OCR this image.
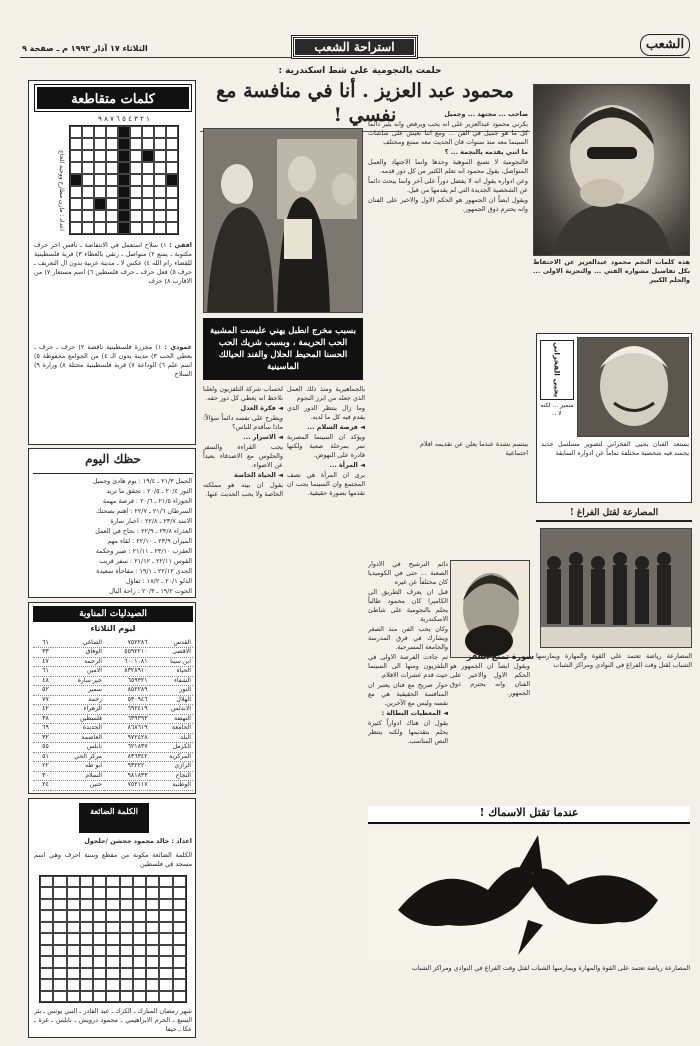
الشعب
الثلاثاء ١٧ آذار ١٩٩٢ م ـ صفحة ٩	استراحة الشعب
حلمت بالنجومية على شط اسكندرية :
محمود عبد العزيز . أنا في منافسة مع نفسي !
هذه كلمات النجم محمود عبدالعزيز عن الاحتفاظ بكل تفاصيل مشواره الفني ... والتجربة الاولى ... والحلم الكبير
بسبب مخرج انطبل يهني عليست المشبية الحب الحريمة ، وبسبب شريك الحب الحسنا المحيط الحلال والفند الحيالك الماسينية

صاحب ... مجتهد ... وجميل

بكرني محمود عبدالعزيز على انه يحب ويرفض وانه يثير دائماً كل ما هو جميل في الفن ... ومع اننا نعيش على شاشات السينما معه منذ سنوات فان الحديث معه ممتع ومختلف

ما انني يقدمه بالنجمة ... ؟

فالنجومية لا تصنع الموهبة وحدها وانما الاجتهاد والعمل المتواصل، يقول محمود انه تعلم الكثير من كل دور قدمه.

وعن ادواره يقول انه لا يفضل دوراً على آخر وانما يبحث دائماً عن الشخصية الجديدة التي لم يقدمها من قبل.

ويقول ايضاً ان الجمهور هو الحكم الاول والاخير على الفنان وانه يحترم ذوق الجمهور.

يبتسم بشدة عندما يعلن عن تقديمه افلام اجتماعية

لحساب شركة التلفزيون ولعلنا نلاحظ انه يعطي كل دور حقه.

◄ فكرة العدل

ويطرح على نفسه دائماً سؤالاً: ماذا سأقدم للناس؟

◄ الاسرار ...

يحب القراءة والسفر والجلوس مع الاصدقاء بعيداً عن الاضواء.

◄ الحياة الخاصة

يقول ان بيته هو مملكته الخاصة ولا يحب الحديث عنها.

بالجماهيرية ومنذ ذلك العمل الذي جعله من ابرز النجوم

وما زال ينتظر الدور الذي يقدم فيه كل ما لديه.

◄ فرصة السلام ...

ويؤكد ان السينما المصرية تمر بمرحلة صعبة ولكنها قادرة على النهوض.

◄ المرأة ...

يرى ان المرأة هي نصف المجتمع وان السينما يجب ان تقدمها بصورة حقيقية.

دائم الترشيح في الادوار الصعبة ... حتى في الكوميديا كان مختلفاً عن غيره

قبل ان يعرف الطريق الى الكاميرا كان محمود طالباً يحلم بالنجومية على شاطئ الاسكندرية

وكان يحب الفن منذ الصغر ويشارك في فرق المدرسة والجامعة المسرحية.

ثم جاءت الفرصة الاولى في التلفزيون ومنها الى السينما حيث قدم عشرات الافلام.

حوار صريح مع فنان يعتبر ان المنافسة الحقيقية هي مع نفسه وليس مع الآخرين.

◄ المعطيات البطالة :

يقول ان هناك ادواراً كثيرة يحلم بتقديمها ولكنه ينتظر النص المناسب.

ويقول ايضاً ان الجمهور هو الحكم الاول والاخير على الفنان وانه يحترم ذوق الجمهور.
يحيى الفخراني
متميز ... لكنه لا ..
يستعد الفنان يحيى الفخراني لتصوير مسلسل جديد يجسد فيه شخصية مختلفة تماماً عن ادواره السابقة
المصارعة لقتل الفراغ !
سورة تمنع القفز المصارعة رياضة تعتمد على القوة والمهارة ويمارسها الشباب لقتل وقت الفراغ في النوادي ومراكز الشباب
عندما تقتل الاسماك !
المصارعة رياضة تعتمد على القوة والمهارة ويمارسها الشباب لقتل وقت الفراغ في النوادي ومراكز الشباب
كلمات متقاطعة
١ ٢ ٣ ٤ ٥ ٦ ٧ ٨ ٩
اعداد : مازن مطارح ووجيه الحاج
افقي : ١) سلاح استعمل في الانتفاضة ـ نافس اخر حرف مكتوبة ـ يمنع ٢) متواصل ـ رتقي بالعطاء ٣) قرية فلسطينية للقضاء رام الله ٤) عكس لا ـ مدينة عربية بدون ال التعريف ـ حرف ٥) فعل حرف ـ حرف فلسطين ٦) اسم مستعار ٧) من الاقارب ٨) حرف
عمودي : ١) مجزرة فلسطينية ناقصة ٢) حرف ـ حرف ـ يعطي الحب ٣) مدينة بدون الـ ٤) من الجوامع محفوظة ٥) اسم علم ٦) الوداعة ٧) قرية فلسطينية محتلة ٨) وزارة ٩) السلاح
حظك اليوم

الحمل ٢١/٣ ـ ١٩/٤ : يوم هادئ وجميل

الثور ٢٠/٤ ـ ٢٠/٥ : تحقق ما تريد

الجوزاء ٢١/٥ ـ ٢٠/٦ : فرصة مهمة

السرطان ٢١/٦ ـ ٢٢/٧ : اهتم بصحتك

الاسد ٢٣/٧ ـ ٢٢/٨ : اخبار سارة

العذراء ٢٣/٨ ـ ٢٢/٩ : نجاح في العمل

الميزان ٢٣/٩ ـ ٢٢/١٠ : لقاء مهم

العقرب ٢٣/١٠ ـ ٢١/١١ : صبر وحكمة

القوس ٢٢/١١ ـ ٢١/١٢ : سفر قريب

الجدي ٢٢/١٢ ـ ١٩/١ : مفاجأة سعيدة

الدلو ٢٠/١ ـ ١٨/٢ : تفاؤل

الحوت ١٩/٢ ـ ٢٠/٣ : راحة البال

الصيدليات المناوبة
ليوم الثلاثاء
القدس	٧٥٢٢٨٦	الصاغي	٦١
الاقصى	٥٥٩٢٢١٠	الوفاق	٣٣
ابن سينا	٦٠٠١٠٨١	الرحمة	٤٧
الحياة	٨٣٢٨٩١٠	الامين	٦١
الشفاء	٦٥٩٣٢١	خير سارة	٤٨
النور	٨٥٢٢٨٩	سمير	٥٢
الهلال	٥٣٠٩٤٦	رحمة	٧٧
الاندلس	٦٩٢٤١٩	الزهراء	٤٢
النهضة	٦٣٩٣٩٣	فلسطين	٣٨
الجامعة	٨٦٨٦١٩	الجديدة	٦٩
البلد	٩٧٢٤٢٨	العاصمة	٣٢
الكرمل	٦٢١٨٣٧	نابلس	٥٥
المركزية	٨٣٦٣٤٢	مركز الحي	٥١
الرازي	٩٣٢٢٢٠	ابو طه	٢٢
النجاح	٩٨١٨٣٣	السلام	٣٠
الوطنية	٧٥٢١١٧	حنين	٢٤
الكلمة الضائعة
اعداد : خالد محمود جحشن /حلحول
الكلمة الضائعة مكونة من مقطع وستة احرف وهي اسم مسجد في فلسطين
شهر رمضان المبارك ـ الكرك ـ عبد القادر ـ النبي يونس ـ بئر السبع ـ الحرم الابراهيمي ـ محمود درويش ـ نابلس ـ غزة ـ عكا ـ حيفا
